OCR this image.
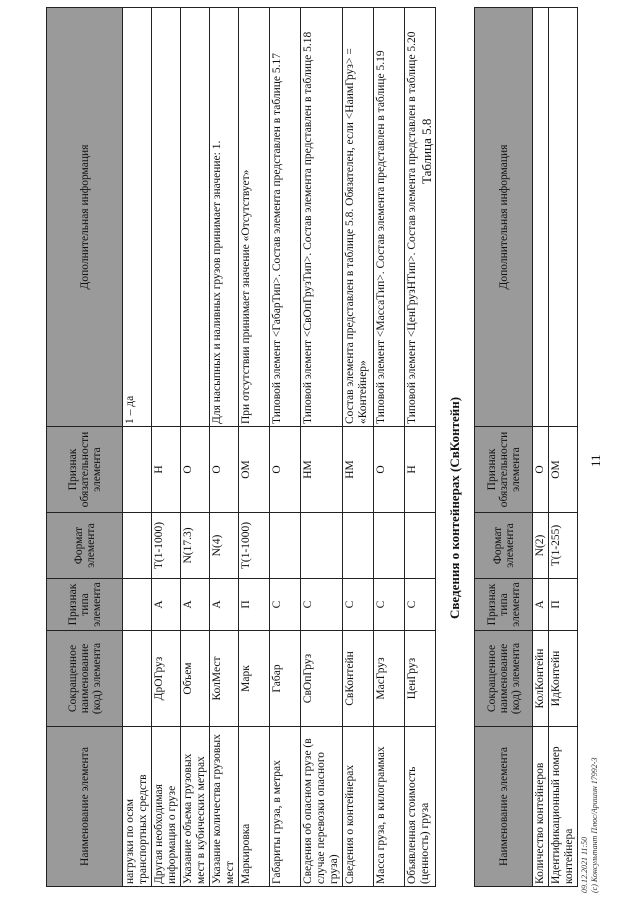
11
Наименование элемента	Сокращенное наименование (код) элемента	Признак типа элемента	Формат элемента	Признак обязательности элемента	Дополнительная информация
нагрузки по осям транспортных средств					1 – да
Другая необходимая информация о грузе	ДрОГруз	А	T(1-1000)	Н	
Указание объема грузовых мест в кубических метрах	Объем	А	N(17.3)	О	
Указание количества грузовых мест	КолМест	А	N(4)	О	Для насыпных и наливных грузов принимает значение: 1.
Маркировка	Марк	П	T(1-1000)	ОМ	При отсутствии принимает значение «Отсутствует»
Габариты груза, в метрах	Габар	С		О	Типовой элемент <ГабарТип>. Состав элемента представлен в таблице 5.17
Сведения об опасном грузе (в случае перевозки опасного груза)	СвОпГруз	С		НМ	Типовой элемент <СвОпГрузТип>. Состав элемента представлен в таблице 5.18
Сведения о контейнерах	СвКонтейн	С		НМ	Состав элемента представлен в таблице 5.8. Обязателен, если <НаимГруз> = «Контейнер»
Масса груза, в килограммах	МасГруз	С		О	Типовой элемент <МассаТип>. Состав элемента представлен в таблице 5.19
Объявленная стоимость (ценность) груза	ЦенГруз	С		Н	Типовой элемент <ЦенГрузНТип>. Состав элемента представлен в таблице 5.20 Таблица 5.8
Сведения о контейнерах (СвКонтейн)
Наименование элемента	Сокращенное наименование (код) элемента	Признак типа элемента	Формат элемента	Признак обязательности элемента	Дополнительная информация
Количество контейнеров	КолКонтейн	А	N(2)	О	
Идентификационный номер контейнера	ИдКонтейн	П	T(1-255)	ОМ	
09.12.2021 11:50 (с) Консультант Плюс/Аришин 17992-3
